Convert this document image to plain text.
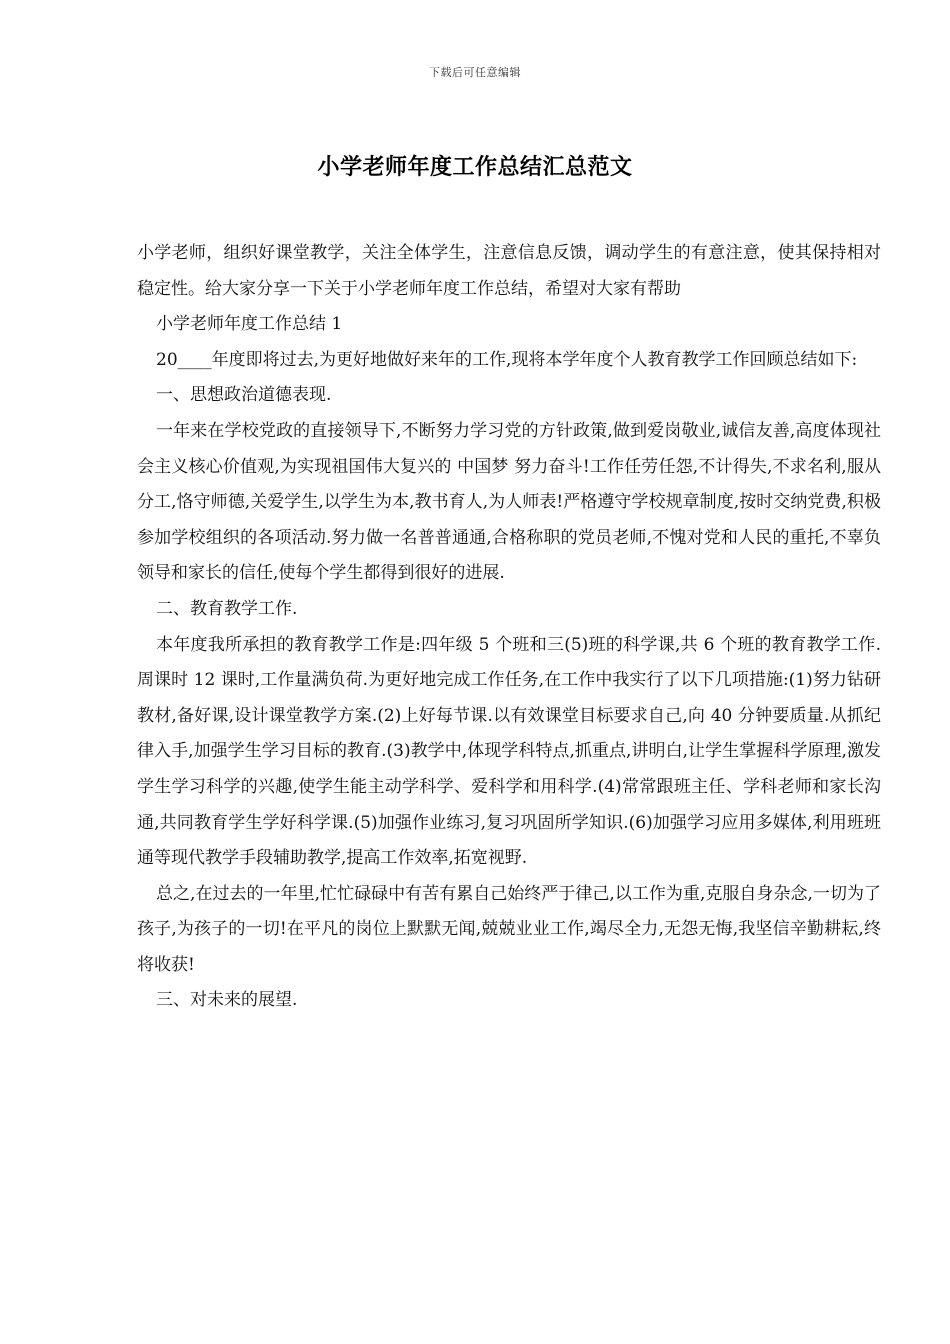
下载后可任意编辑
小学老师年度工作总结汇总范文

小学老师，组织好课堂教学，关注全体学生，注意信息反馈，调动学生的有意注意，使其保持相对稳定性。给大家分享一下关于小学老师年度工作总结，希望对大家有帮助

小学老师年度工作总结 1

20____年度即将过去,为更好地做好来年的工作,现将本学年度个人教育教学工作回顾总结如下:

一、思想政治道德表现.

一年来在学校党政的直接领导下,不断努力学习党的方针政策,做到爱岗敬业,诚信友善,高度体现社会主义核心价值观,为实现祖国伟大复兴的 中国梦 努力奋斗!工作任劳任怨,不计得失,不求名利,服从分工,恪守师德,关爱学生,以学生为本,教书育人,为人师表!严格遵守学校规章制度,按时交纳党费,积极参加学校组织的各项活动.努力做一名普普通通,合格称职的党员老师,不愧对党和人民的重托,不辜负领导和家长的信任,使每个学生都得到很好的进展.

二、教育教学工作.

本年度我所承担的教育教学工作是:四年级 5 个班和三(5)班的科学课,共 6 个班的教育教学工作.周课时 12 课时,工作量满负荷.为更好地完成工作任务,在工作中我实行了以下几项措施:(1)努力钻研教材,备好课,设计课堂教学方案.(2)上好每节课.以有效课堂目标要求自己,向 40 分钟要质量.从抓纪律入手,加强学生学习目标的教育.(3)教学中,体现学科特点,抓重点,讲明白,让学生掌握科学原理,激发学生学习科学的兴趣,使学生能主动学科学、爱科学和用科学.(4)常常跟班主任、学科老师和家长沟通,共同教育学生学好科学课.(5)加强作业练习,复习巩固所学知识.(6)加强学习应用多媒体,利用班班通等现代教学手段辅助教学,提高工作效率,拓宽视野.

总之,在过去的一年里,忙忙碌碌中有苦有累自己始终严于律己,以工作为重,克服自身杂念,一切为了孩子,为孩子的一切!在平凡的岗位上默默无闻,兢兢业业工作,竭尽全力,无怨无悔,我坚信辛勤耕耘,终将收获!

三、对未来的展望.
